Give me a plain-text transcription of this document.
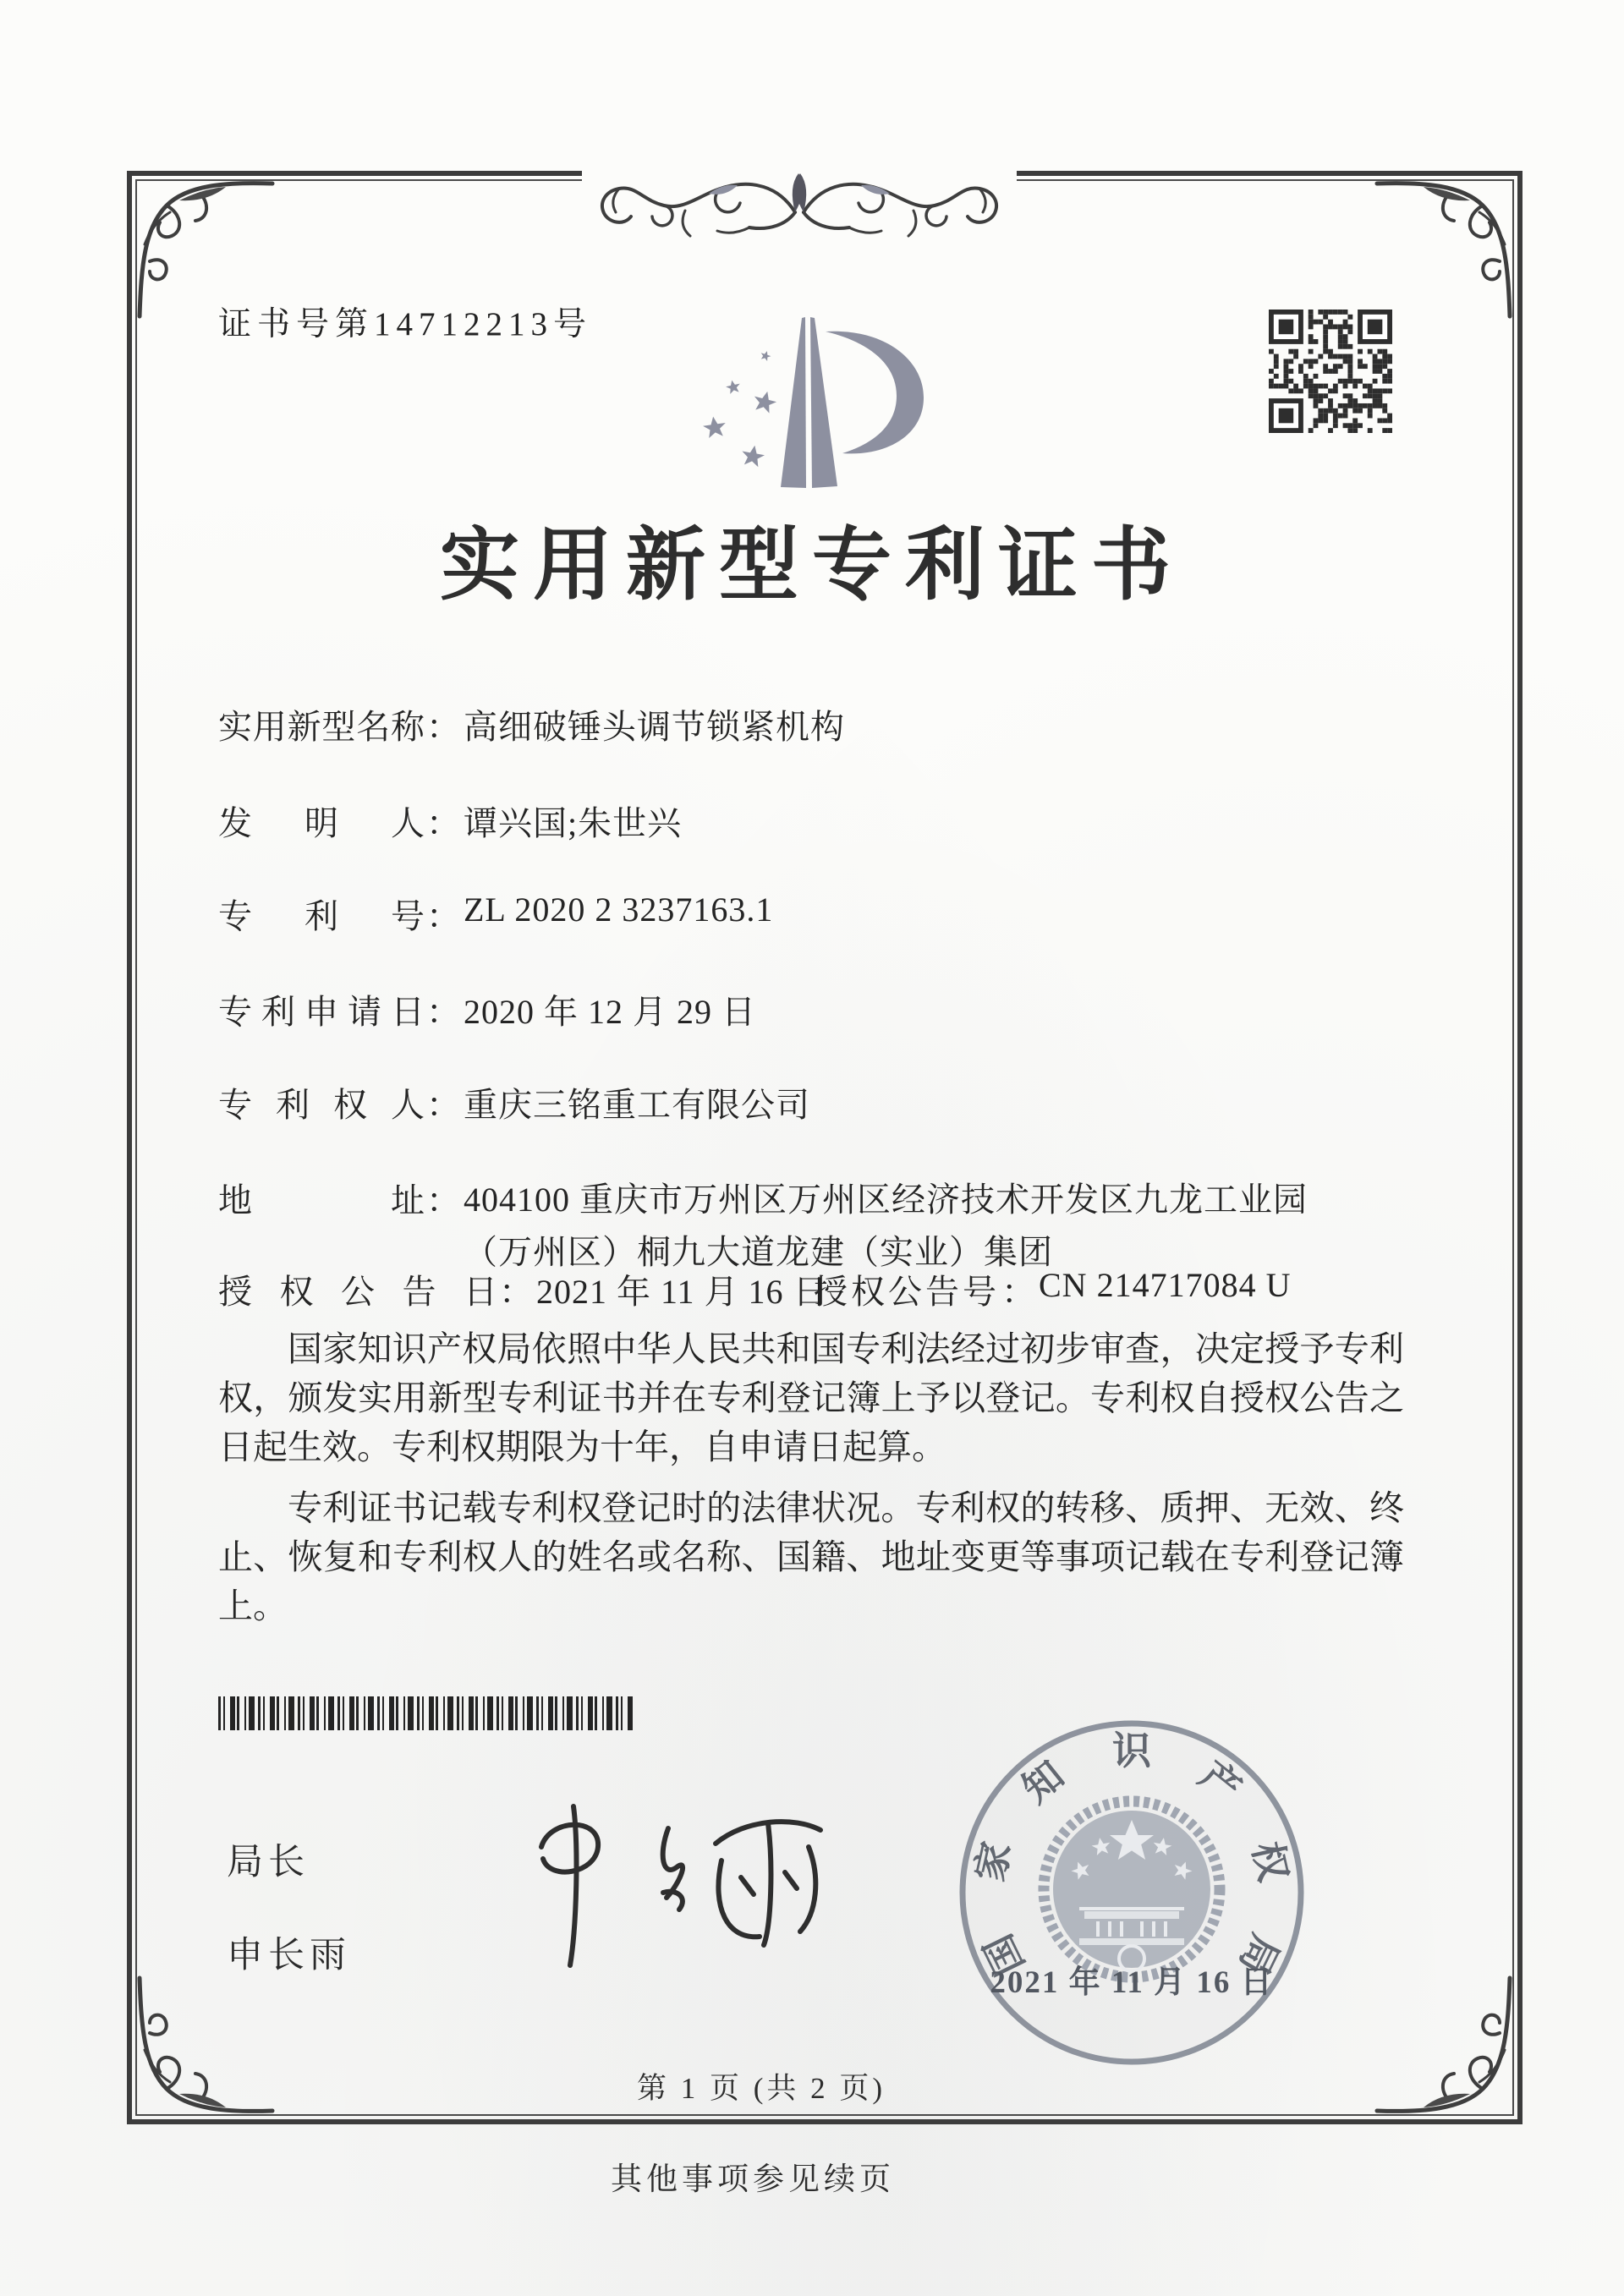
证书号第14712213号
实用新型专利证书
实用新型名称： 高细破锤头调节锁紧机构
发明人： 谭兴国;朱世兴
专利号： ZL 2020 2 3237163.1
专利申请日： 2020 年 12 月 29 日
专利权人： 重庆三铭重工有限公司
地址： 404100 重庆市万州区万州区经济技术开发区九龙工业园
（万州区）桐九大道龙建（实业）集团
授权公告日： 2021 年 11 月 16 日
授权公告号： CN 214717084 U

国家知识产权局依照中华人民共和国专利法经过初步审查，决定授予专利权，颁发实用新型专利证书并在专利登记簿上予以登记。专利权自授权公告之日起生效。专利权期限为十年，自申请日起算。

专利证书记载专利权登记时的法律状况。专利权的转移、质押、无效、终止、恢复和专利权人的姓名或名称、国籍、地址变更等事项记载在专利登记簿上。

局长
申长雨	国
家
知
识
产
权
局
2021 年 11 月 16 日
第 1 页 (共 2 页)
其他事项参见续页
